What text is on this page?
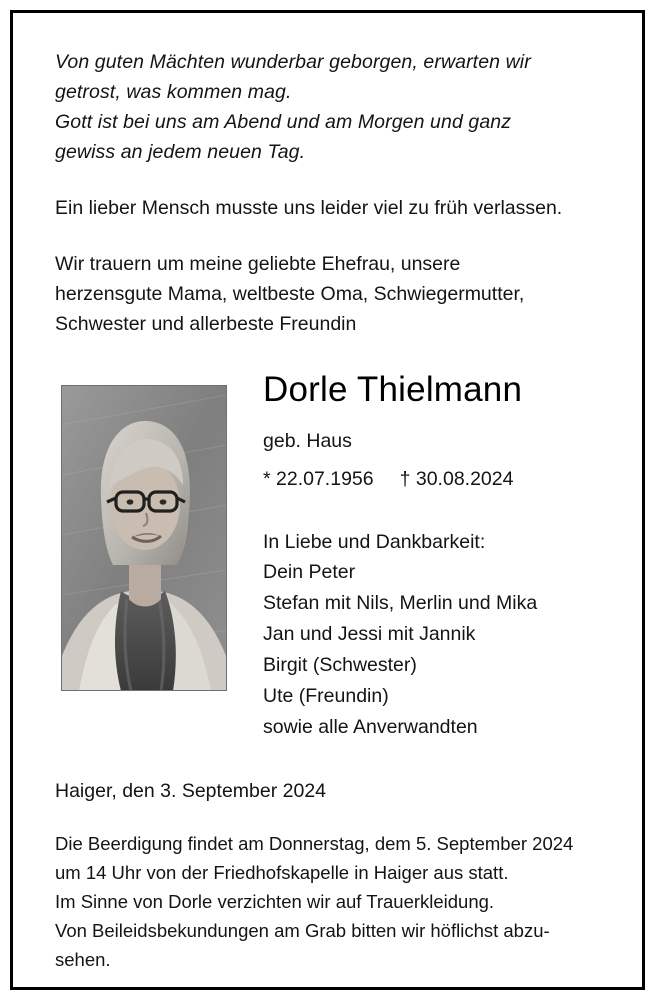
Von guten Mächten wunderbar geborgen, erwarten wir
getrost, was kommen mag.
Gott ist bei uns am Abend und am Morgen und ganz
gewiss an jedem neuen Tag.
Ein lieber Mensch musste uns leider viel zu früh verlassen.
Wir trauern um meine geliebte Ehefrau, unsere
herzensgute Mama, weltbeste Oma, Schwiegermutter,
Schwester und allerbeste Freundin
Dorle Thielmann
geb. Haus
* 22.07.1956 † 30.08.2024
In Liebe und Dankbarkeit:
Dein Peter
Stefan mit Nils, Merlin und Mika
Jan und Jessi mit Jannik
Birgit (Schwester)
Ute (Freundin)
sowie alle Anverwandten
Haiger, den 3. September 2024
Die Beerdigung findet am Donnerstag, dem 5. September 2024
um 14 Uhr von der Friedhofskapelle in Haiger aus statt.
Im Sinne von Dorle verzichten wir auf Trauerkleidung.
Von Beileidsbekundungen am Grab bitten wir höflichst abzu-
sehen.
